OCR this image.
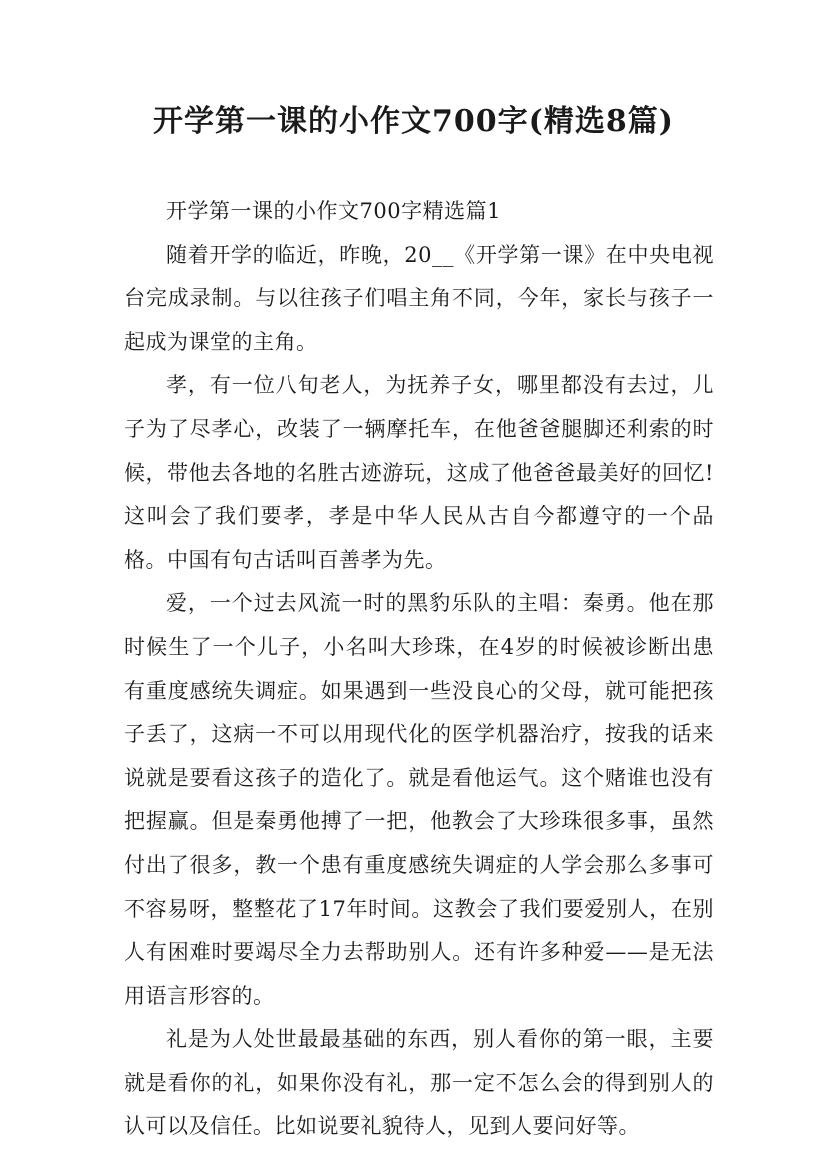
开学第一课的小作文700字(精选8篇)

开学第一课的小作文700字精选篇1

随着开学的临近，昨晚，20__《开学第一课》在中央电视台完成录制。与以往孩子们唱主角不同，今年，家长与孩子一起成为课堂的主角。

孝，有一位八旬老人，为抚养子女，哪里都没有去过，儿子为了尽孝心，改装了一辆摩托车，在他爸爸腿脚还利索的时候，带他去各地的名胜古迹游玩，这成了他爸爸最美好的回忆!这叫会了我们要孝，孝是中华人民从古自今都遵守的一个品格。中国有句古话叫百善孝为先。

爱，一个过去风流一时的黑豹乐队的主唱：秦勇。他在那时候生了一个儿子，小名叫大珍珠，在4岁的时候被诊断出患有重度感统失调症。如果遇到一些没良心的父母，就可能把孩子丢了，这病一不可以用现代化的医学机器治疗，按我的话来说就是要看这孩子的造化了。就是看他运气。这个赌谁也没有把握赢。但是秦勇他搏了一把，他教会了大珍珠很多事，虽然付出了很多，教一个患有重度感统失调症的人学会那么多事可不容易呀，整整花了17年时间。这教会了我们要爱别人，在别人有困难时要竭尽全力去帮助别人。还有许多种爱——是无法用语言形容的。

礼是为人处世最最基础的东西，别人看你的第一眼，主要就是看你的礼，如果你没有礼，那一定不怎么会的得到别人的认可以及信任。比如说要礼貌待人，见到人要问好等。
